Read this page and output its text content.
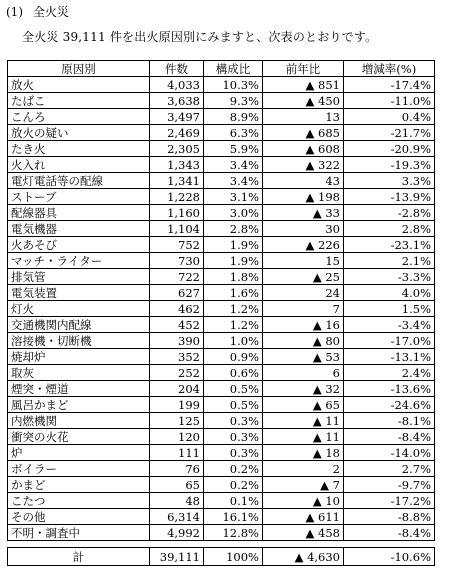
(1) 全火災
全火災 39,111 件を出火原因別にみますと、次表のとおりです。
原因別	件数	構成比	前年比	増減率(%)
放火	4,033	10.3%	▲ 851	-17.4%
たばこ	3,638	9.3%	▲ 450	-11.0%
こんろ	3,497	8.9%	13	0.4%
放火の疑い	2,469	6.3%	▲ 685	-21.7%
たき火	2,305	5.9%	▲ 608	-20.9%
火入れ	1,343	3.4%	▲ 322	-19.3%
電灯電話等の配線	1,341	3.4%	43	3.3%
ストーブ	1,228	3.1%	▲ 198	-13.9%
配線器具	1,160	3.0%	▲ 33	-2.8%
電気機器	1,104	2.8%	30	2.8%
火あそび	752	1.9%	▲ 226	-23.1%
マッチ・ライター	730	1.9%	15	2.1%
排気管	722	1.8%	▲ 25	-3.3%
電気装置	627	1.6%	24	4.0%
灯火	462	1.2%	7	1.5%
交通機関内配線	452	1.2%	▲ 16	-3.4%
溶接機・切断機	390	1.0%	▲ 80	-17.0%
焼却炉	352	0.9%	▲ 53	-13.1%
取灰	252	0.6%	6	2.4%
煙突・煙道	204	0.5%	▲ 32	-13.6%
風呂かまど	199	0.5%	▲ 65	-24.6%
内燃機関	125	0.3%	▲ 11	-8.1%
衝突の火花	120	0.3%	▲ 11	-8.4%
炉	111	0.3%	▲ 18	-14.0%
ボイラー	76	0.2%	2	2.7%
かまど	65	0.2%	▲ 7	-9.7%
こたつ	48	0.1%	▲ 10	-17.2%
その他	6,314	16.1%	▲ 611	-8.8%
不明・調査中	4,992	12.8%	▲ 458	-8.4%
計	39,111	100%	▲ 4,630	-10.6%
